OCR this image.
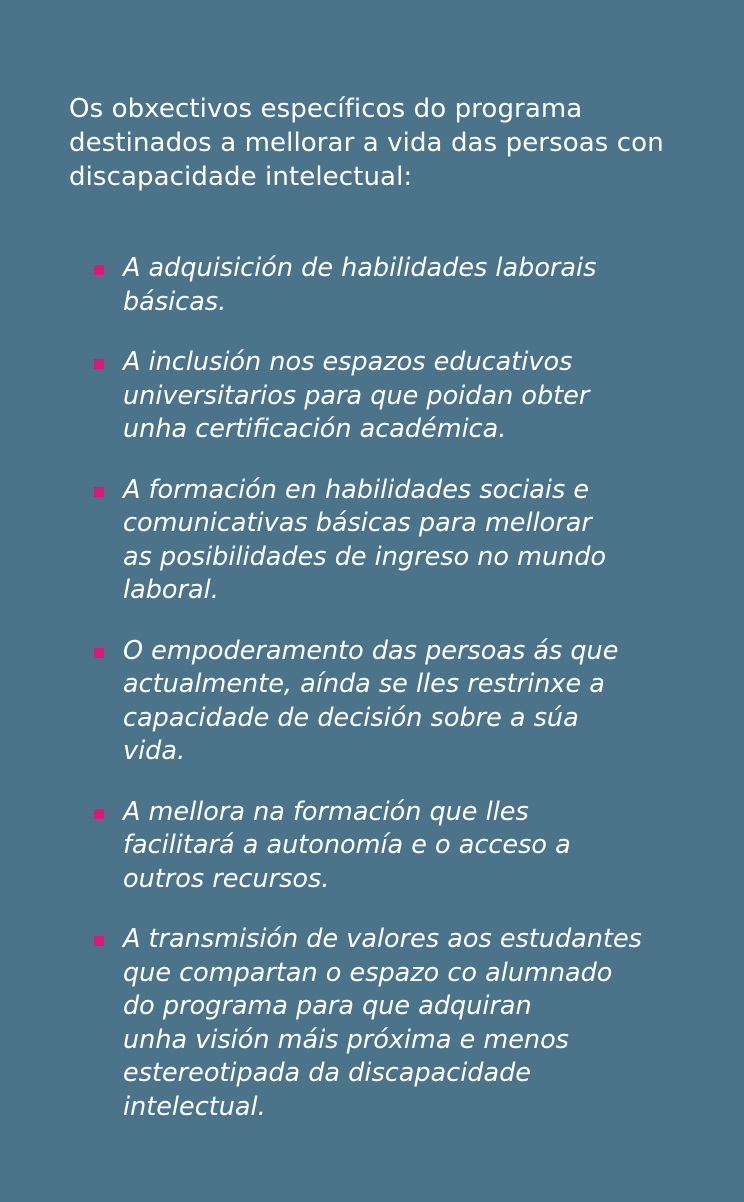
Os obxectivos específicos do programa
destinados a mellorar a vida das persoas con
discapacidade intelectual:

A adquisición de habilidades laborais
básicas.
A inclusión nos espazos educativos
universitarios para que poidan obter
unha certificación académica.
A formación en habilidades sociais e
comunicativas básicas para mellorar
as posibilidades de ingreso no mundo
laboral.
O empoderamento das persoas ás que
actualmente, aínda se lles restrinxe a
capacidade de decisión sobre a súa
vida.
A mellora na formación que lles
facilitará a autonomía e o acceso a
outros recursos.
A transmisión de valores aos estudantes
que compartan o espazo co alumnado
do programa para que adquiran
unha visión máis próxima e menos
estereotipada da discapacidade
intelectual.
